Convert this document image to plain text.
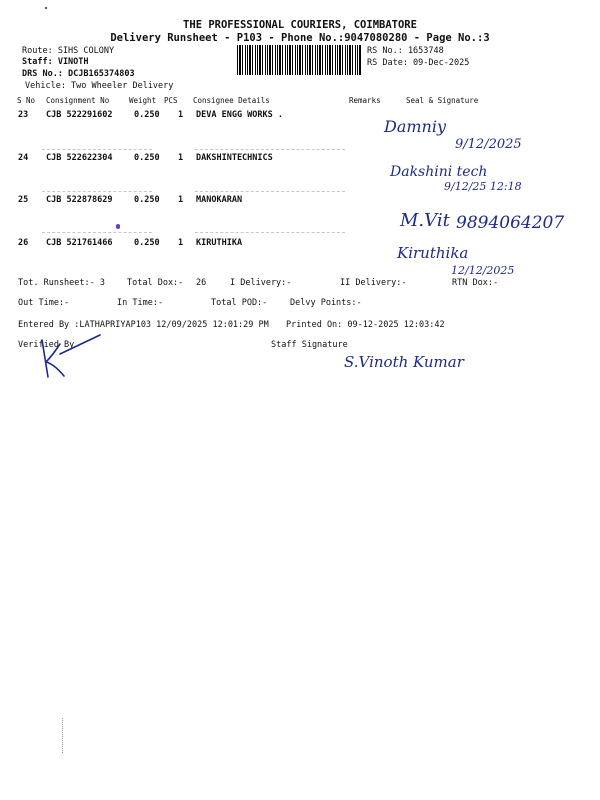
THE PROFESSIONAL COURIERS, COIMBATORE
Delivery Runsheet - P103 - Phone No.:9047080280 - Page No.:3
Route: SIHS COLONY
Staff: VINOTH
DRS No.: DCJB165374803
Vehicle: Two Wheeler Delivery
RS No.: 1653748
RS Date: 09-Dec-2025
S No Consignment No	Weight PCS Consignee Details	Remarks	Seal & Signature
23 CJB 522291602	0.250 1 DEVA ENGG WORKS .
24 CJB 522622304	0.250 1 DAKSHINTECHNICS
25 CJB 522878629	0.250 1 MANOKARAN
26 CJB 521761466	0.250 1 KIRUTHIKA
Tot. Runsheet:- 3	Total Dox:- 26	I Delivery:-	II Delivery:-	RTN Dox:-
Out Time:-	In Time:-	Total POD:-	Delvy Points:-
Entered By :LATHAPRIYAP103 12/09/2025 12:01:29 PM Printed On: 09-12-2025 12:03:42
Verified By	Staff Signature
Damniy
9/12/2025
Dakshini tech
9/12/25 12:18
M.Vit 9894064207
Kiruthika
12/12/2025
S.Vinoth Kumar
